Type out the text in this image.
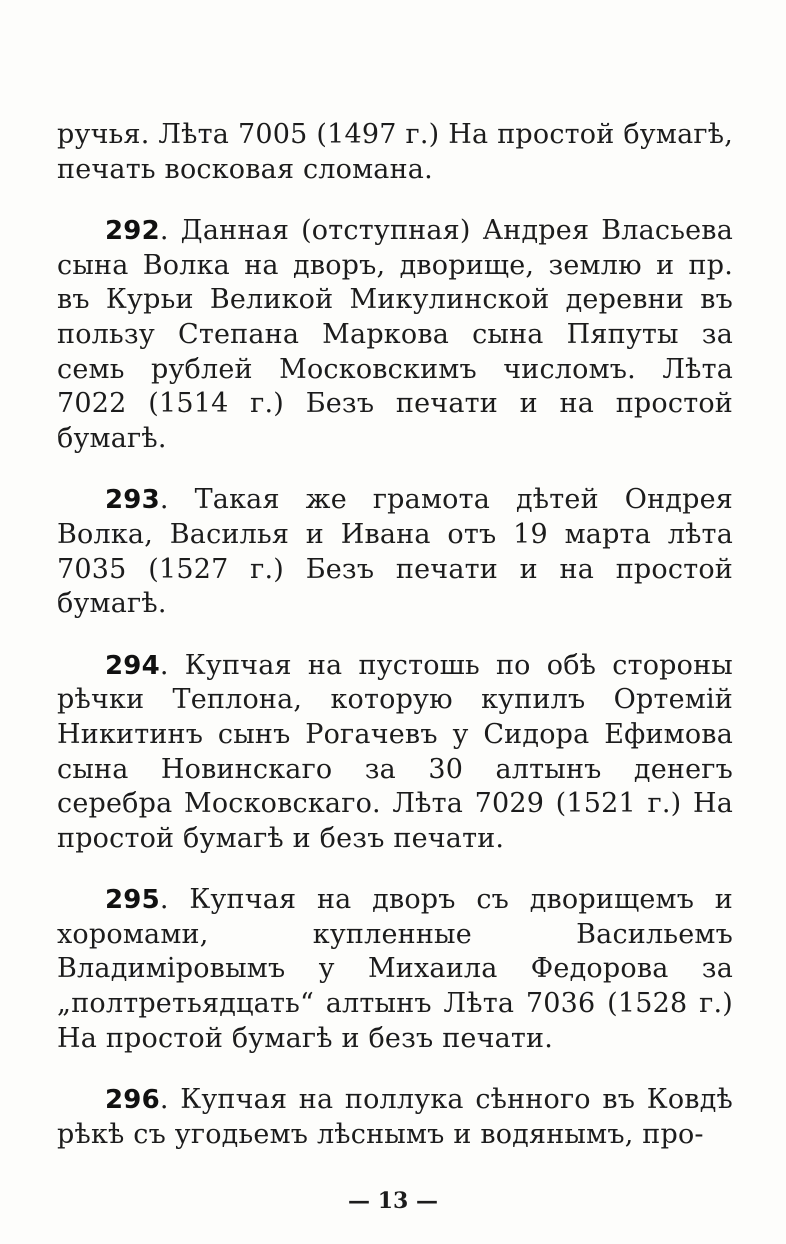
ручья. Лѣта 7005 (1497 г.) На простой бумагѣ, печать восковая сломана.

292. Данная (отступная) Андрея Власьева сына Волка на дворъ, дворище, землю и пр. въ Курьи Великой Микулинской деревни въ пользу Степана Маркова сына Пяпуты за семь рублей Московскимъ числомъ. Лѣта 7022 (1514 г.) Безъ печати и на простой бумагѣ.

293. Такая же грамота дѣтей Ондрея Волка, Василья и Ивана отъ 19 марта лѣта 7035 (1527 г.) Безъ печати и на простой бумагѣ.

294. Купчая на пустошь по обѣ стороны рѣчки Теплона, которую купилъ Ортемій Никитинъ сынъ Рогачевъ у Сидора Ефимова сына Новинскаго за 30 алтынъ денегъ серебра Московскаго. Лѣта 7029 (1521 г.) На простой бумагѣ и безъ печати.

295. Купчая на дворъ съ дворищемъ и хоромами, купленные Васильемъ Владиміровымъ у Михаила Федорова за „полтретьядцать“ алтынъ Лѣта 7036 (1528 г.) На простой бумагѣ и безъ печати.

296. Купчая на поллука сѣнного въ Ковдѣ рѣкѣ съ угодьемъ лѣснымъ и водянымъ, про-

— 13 —
